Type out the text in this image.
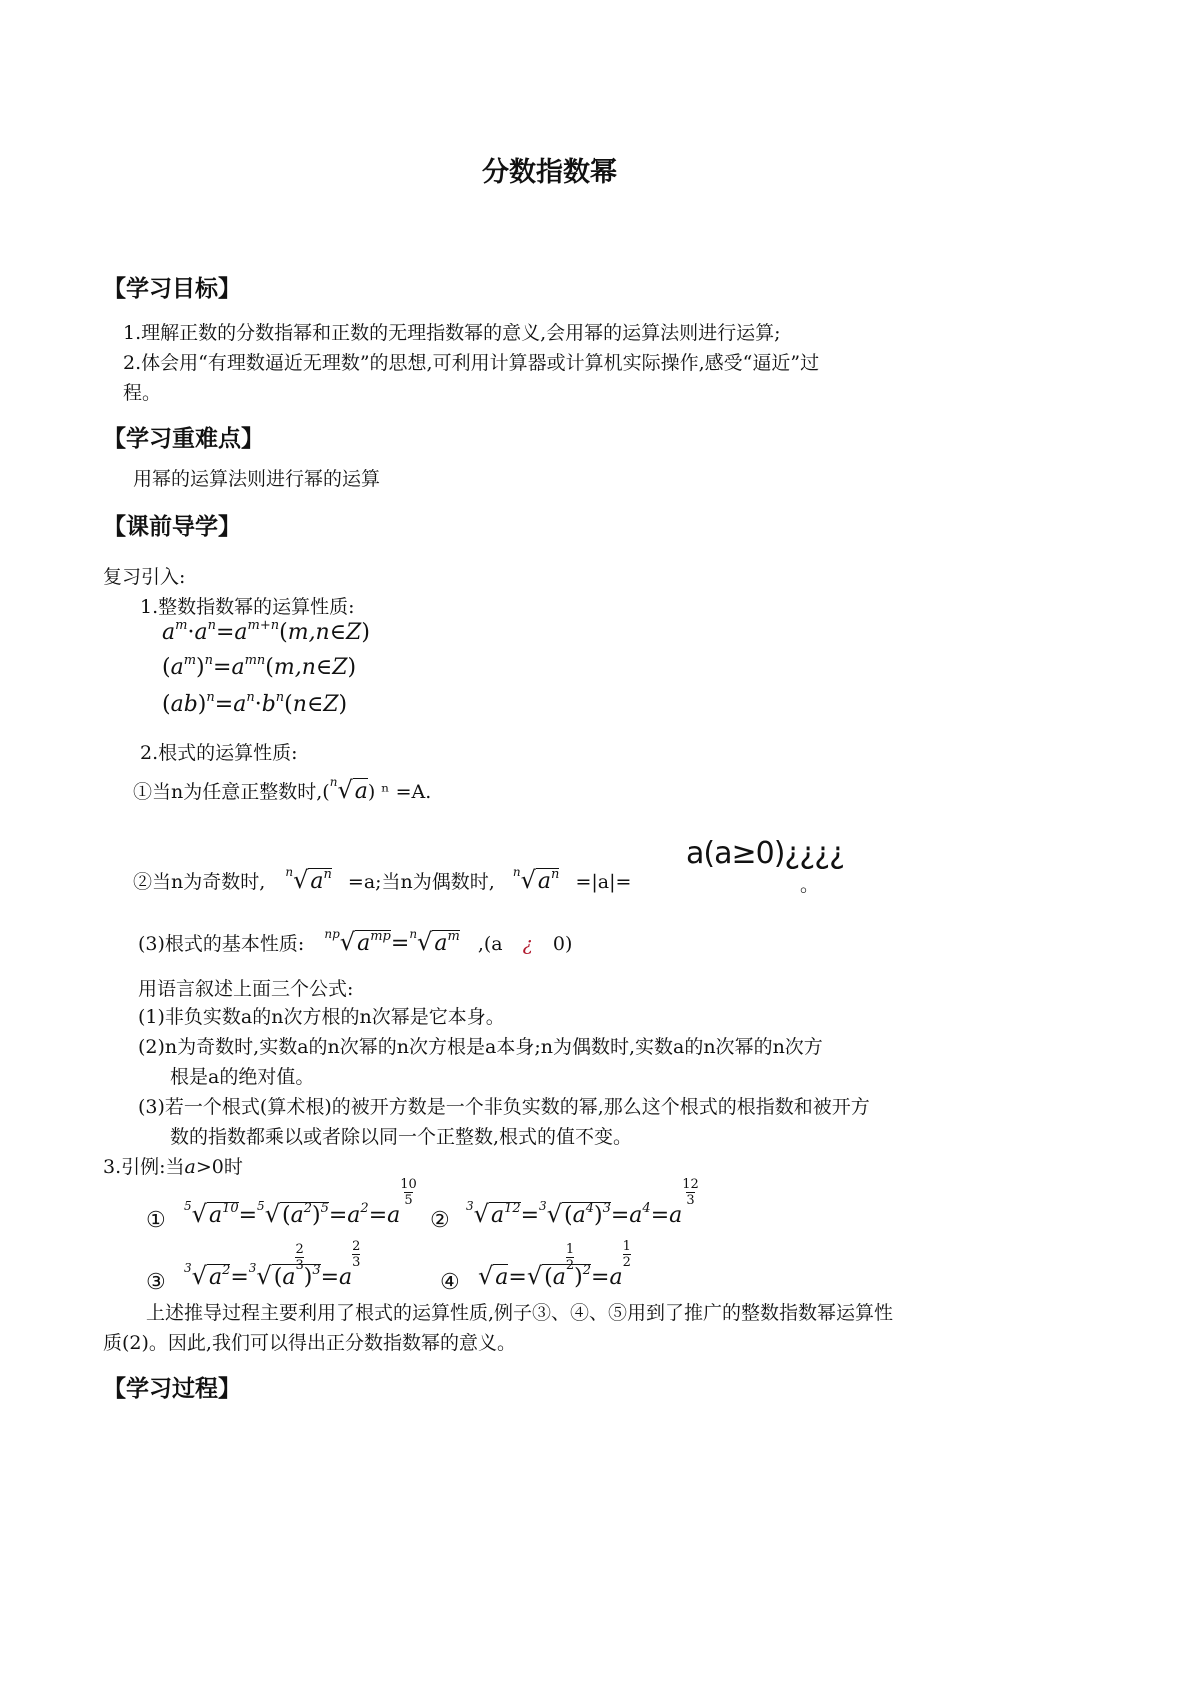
分数指数幂
【学习目标】
1.理解正数的分数指幂和正数的无理指数幂的意义,会用幂的运算法则进行运算;
2.体会用“有理数逼近无理数”的思想,可利用计算器或计算机实际操作,感受“逼近”过
程。
【学习重难点】
用幂的运算法则进行幂的运算
【课前导学】
复习引入:
1.整数指数幂的运算性质:
$a^m\cdot a^n=a^{m+n}(m,n\in Z)$
$(a^m)^n=a^{mn}(m,n\in Z)$
$(ab)^n=a^n\cdot b^n(n\in Z)$
2.根式的运算性质:
①当n为任意正整数时,($^n$√a) ⁿ =A.
②当n为奇数时, $^n√a^n =a$;当n为偶数时, $^n√a^n =|a|=$
a(a≥0)¿¿¿¿
。
(3)根式的基本性质: $^{np}√a^{mp}=^n√a^m$ ,(a ¿ 0)
用语言叙述上面三个公式:
(1)非负实数a的n次方根的n次幂是它本身。
(2)n为奇数时,实数a的n次幂的n次方根是a本身;n为偶数时,实数a的n次幂的n次方
根是a的绝对值。
(3)若一个根式(算术根)的被开方数是一个非负实数的幂,那么这个根式的根指数和被开方
数的指数都乘以或者除以同一个正整数,根式的值不变。
3.引例:当a>0时
①
$^5√a^{10}=^5√(a^2)^5=a^2=a$
$\frac{10}{5}$
②
$^3√a^{12}=^3√(a^4)^3=a^4=a$
$\frac{12}{3}$
③
$^3√a^2=^3√(a$
$\frac{2}{3}$
)$^3$=a
$\frac{2}{3}$
④ √a=√(a
$\frac{1}{2}$
)$^2$=a
$\frac{1}{2}$
上述推导过程主要利用了根式的运算性质,例子③、④、⑤用到了推广的整数指数幂运算性
质(2)。因此,我们可以得出正分数指数幂的意义。
【学习过程】
